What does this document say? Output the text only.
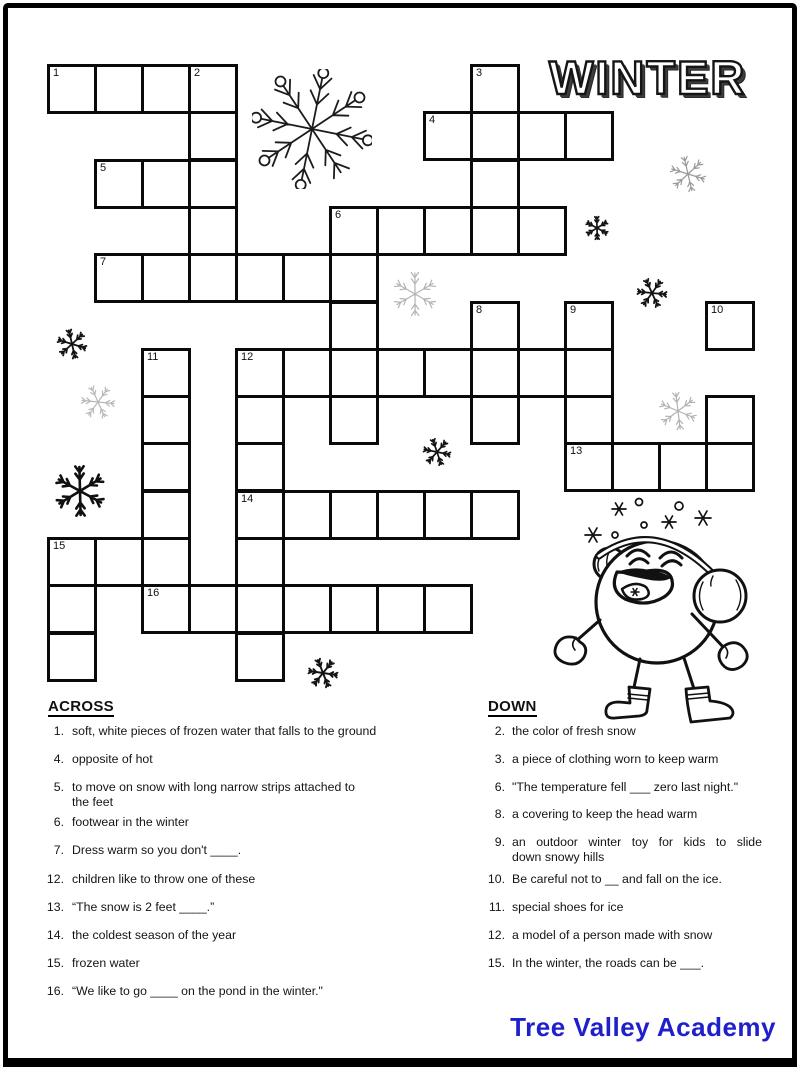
WINTER
1	2	3
4
5
6
7
8	9	10
11	12
13
14
15
16
ACROSS
1. soft, white pieces of frozen water that falls to the ground
4. opposite of hot
5. to move on snow with long narrow strips attached to
the feet
6. footwear in the winter
7. Dress warm so you don't ____.
12. children like to throw one of these
13. “The snow is 2 feet ____.”
14. the coldest season of the year
15. frozen water
16. “We like to go ____ on the pond in the winter."
DOWN
2. the color of fresh snow
3. a piece of clothing worn to keep warm
6. "The temperature fell ___ zero last night."
8. a covering to keep the head warm
9. an outdoor winter toy for kids to slide
down snowy hills
10. Be careful not to __ and fall on the ice.
11. special shoes for ice
12. a model of a person made with snow
15. In the winter, the roads can be ___.
Tree Valley Academy
